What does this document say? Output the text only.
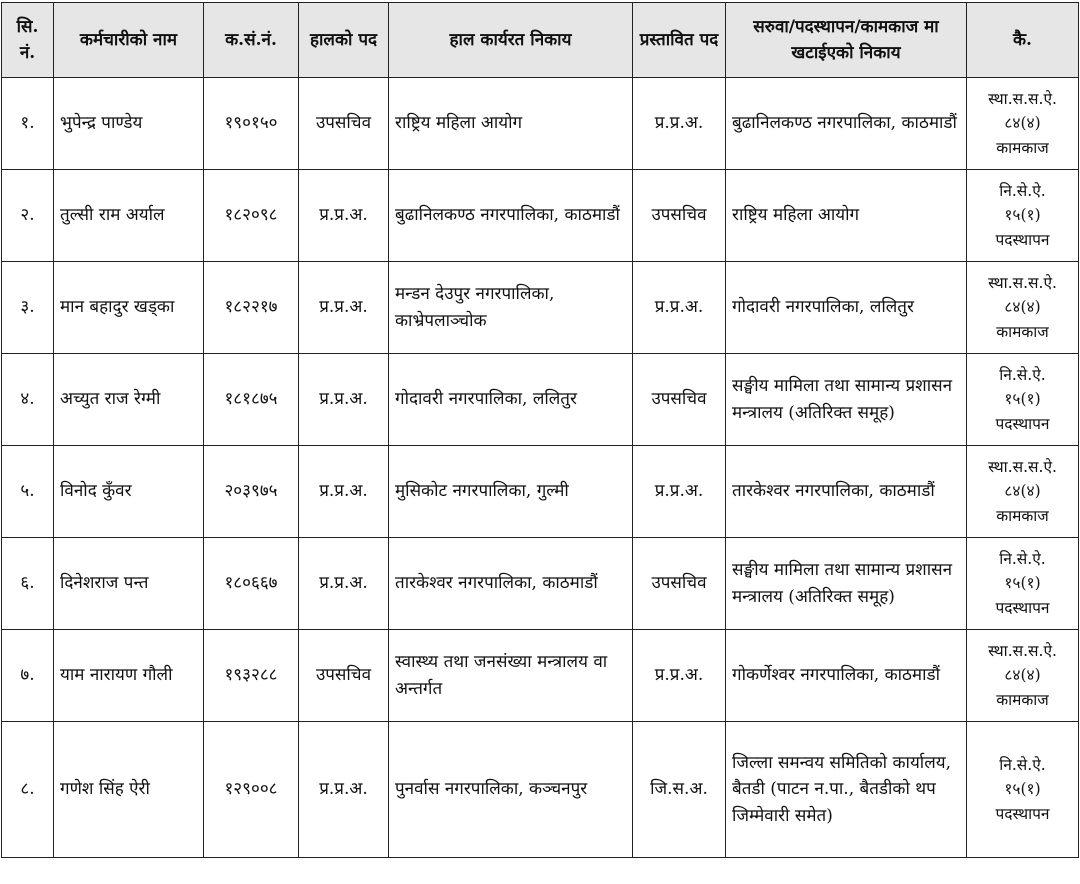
सि. नं.	कर्मचारीको नाम	क.सं.नं.	हालको पद	हाल कार्यरत निकाय	प्रस्तावित पद	सरुवा/पदस्थापन/कामकाज मा खटाईएको निकाय	कै.
१.	भुपेन्द्र पाण्डेय	१९०१५०	उपसचिव	राष्ट्रिय महिला आयोग	प्र.प्र.अ.	बुढानिलकण्ठ नगरपालिका, काठमाडौं	स्था.स.स.ऐ.
८४(४)
कामकाज

२.	तुल्सी राम अर्याल	१८२०९८	प्र.प्र.अ.	बुढानिलकण्ठ नगरपालिका, काठमाडौं	उपसचिव	राष्ट्रिय महिला आयोग	नि.से.ऐ.
१५(१)
पदस्थापन

३.	मान बहादुर खड्का	१८२२१७	प्र.प्र.अ.	मन्डन देउपुर नगरपालिका, काभ्रेपलाञ्चोक	प्र.प्र.अ.	गोदावरी नगरपालिका, ललितुर	स्था.स.स.ऐ.
८४(४)
कामकाज

४.	अच्युत राज रेग्मी	१८१८७५	प्र.प्र.अ.	गोदावरी नगरपालिका, ललितुर	उपसचिव	सङ्घीय मामिला तथा सामान्य प्रशासन मन्त्रालय (अतिरिक्त समूह)	नि.से.ऐ.
१५(१)
पदस्थापन

५.	विनोद कुँवर	२०३९७५	प्र.प्र.अ.	मुसिकोट नगरपालिका, गुल्मी	प्र.प्र.अ.	तारकेश्वर नगरपालिका, काठमाडौं	स्था.स.स.ऐ.
८४(४)
कामकाज

६.	दिनेशराज पन्त	१८०६६७	प्र.प्र.अ.	तारकेश्वर नगरपालिका, काठमाडौं	उपसचिव	सङ्घीय मामिला तथा सामान्य प्रशासन मन्त्रालय (अतिरिक्त समूह)	नि.से.ऐ.
१५(१)
पदस्थापन

७.	याम नारायण गौली	१९३२८८	उपसचिव	स्वास्थ्य तथा जनसंख्या मन्त्रालय वा अन्तर्गत	प्र.प्र.अ.	गोकर्णेश्वर नगरपालिका, काठमाडौं	स्था.स.स.ऐ.
८४(४)
कामकाज

८.	गणेश सिंह ऐरी	१२९००८	प्र.प्र.अ.	पुनर्वास नगरपालिका, कञ्चनपुर	जि.स.अ.	जिल्ला समन्वय समितिको कार्यालय, बैतडी (पाटन न.पा., बैतडीको थप जिम्मेवारी समेत)	नि.से.ऐ.
१५(१)
पदस्थापन
